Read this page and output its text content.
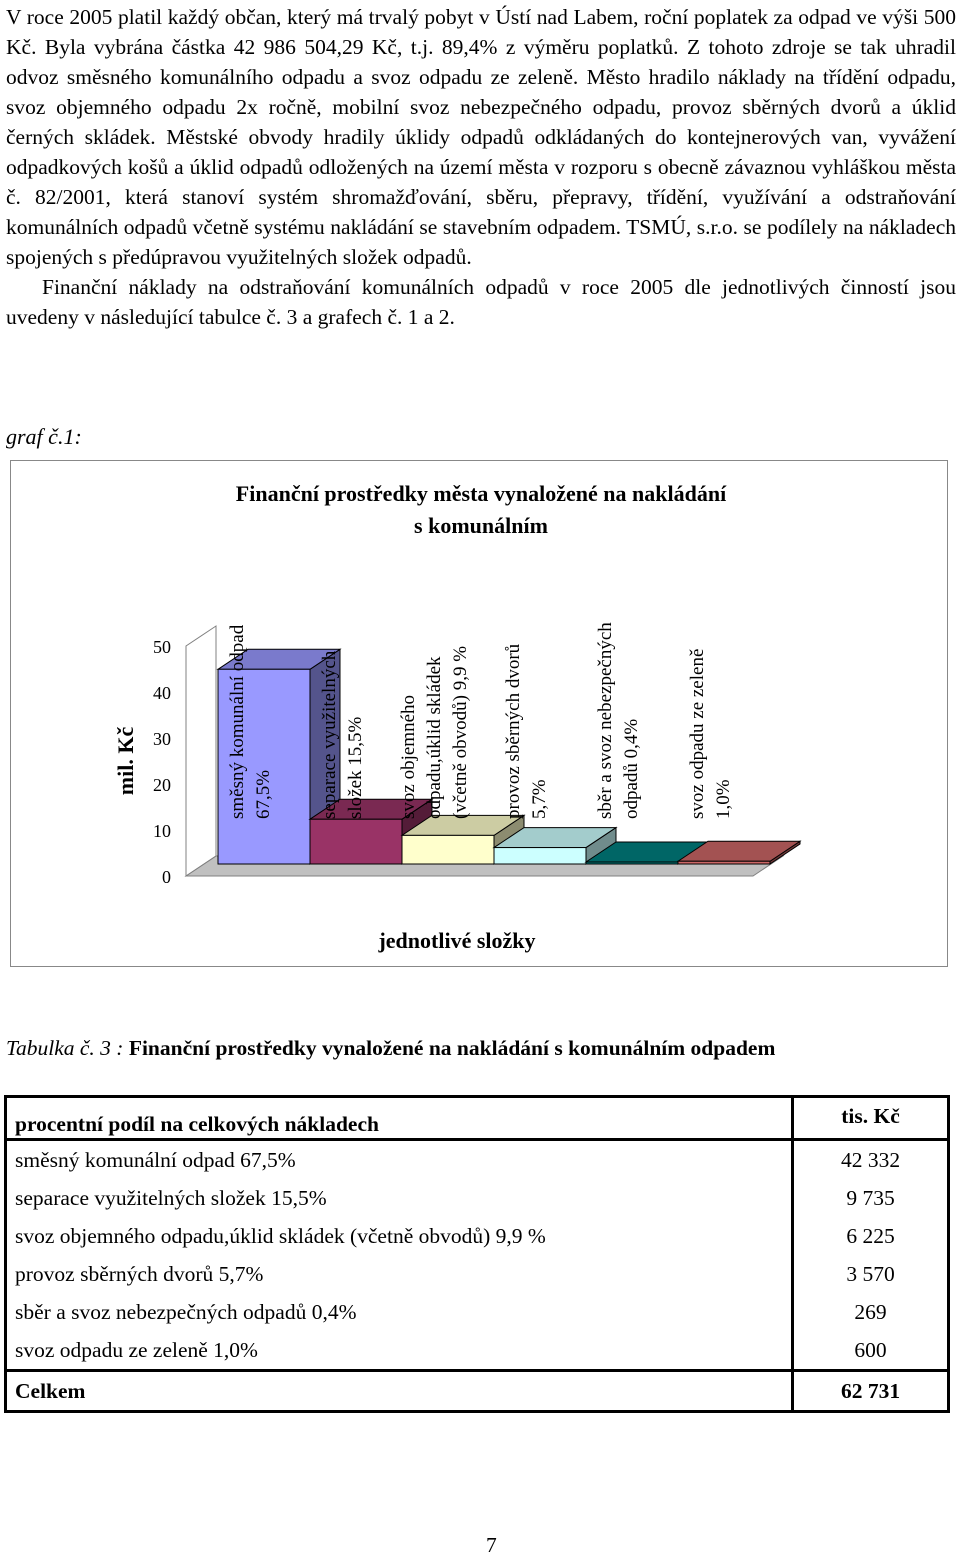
V roce 2005 platil každý občan, který má trvalý pobyt v Ústí nad Labem, roční poplatek za odpad ve výši 500 Kč. Byla vybrána částka 42 986 504,29 Kč, t.j. 89,4% z výměru poplatků. Z tohoto zdroje se tak uhradil odvoz směsného komunálního odpadu a svoz odpadu ze zeleně. Město hradilo náklady na třídění odpadu, svoz objemného odpadu 2x ročně, mobilní svoz nebezpečného odpadu, provoz sběrných dvorů a úklid černých skládek. Městské obvody hradily úklidy odpadů odkládaných do kontejnerových van, vyvážení odpadkových košů a úklid odpadů odložených na území města v rozporu s obecně závaznou vyhláškou města č. 82/2001, která stanoví systém shromažďování, sběru, přepravy, třídění, využívání a odstraňování komunálních odpadů včetně systému nakládání se stavebním odpadem. TSMÚ, s.r.o. se podílely na nákladech spojených s předúpravou využitelných složek odpadů.

Finanční náklady na odstraňování komunálních odpadů v roce 2005 dle jednotlivých činností jsou uvedeny v následující tabulce č. 3 a grafech č. 1 a 2.

graf č.1:
Finanční prostředky města vynaložené na nakládání s komunálním
0
10
20
30
40
50
mil. Kč
jednotlivé složky
směsný komunální odpad 67,5% separace využitelných složek 15,5% svoz objemného odpadu,úklid skládek (včetně obvodů) 9,9 % provoz sběrných dvorů 5,7% sběr a svoz nebezpečných odpadů 0,4% svoz odpadu ze zeleně 1,0%
Tabulka č. 3 : Finanční prostředky vynaložené na nakládání s komunálním odpadem
procentní podíl na celkových nákladech	tis. Kč
směsný komunální odpad 67,5%	42 332
separace využitelných složek 15,5%	9 735
svoz objemného odpadu,úklid skládek (včetně obvodů) 9,9 %	6 225
provoz sběrných dvorů 5,7%	3 570
sběr a svoz nebezpečných odpadů 0,4%	269
svoz odpadu ze zeleně 1,0%	600
Celkem	62 731
7
